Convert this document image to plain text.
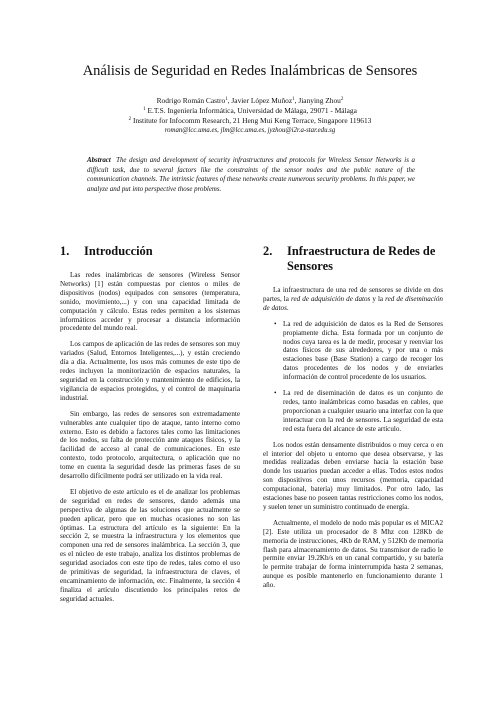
Análisis de Seguridad en Redes Inalámbricas de Sensores
Rodrigo Román Castro$^1$, Javier López Muñoz$^1$, Jianying Zhou$^2$
$^1$ E.T.S. Ingeniería Informática, Universidad de Málaga, 29071 - Málaga
$^2$ Institute for Infocomm Research, 21 Heng Mui Keng Terrace, Singapore 119613
roman@lcc.uma.es, jlm@lcc.uma.es, jyzhou@i2r.a-star.edu.sg

Abstract The design and development of security infrastructures and protocols for Wireless Sensor Networks is a difficult task, due to several factors like the constraints of the sensor nodes and the public nature of the communication channels. The intrinsic features of these networks create numerous security problems. In this paper, we analyze and put into perspective those problems.

1.	Introducción

Las redes inalámbricas de sensores (Wireless Sensor Networks) [1] están compuestas por cientos o miles de dispositivos (nodos) equipados con sensores (temperatura, sonido, movimiento,...) y con una capacidad limitada de computación y cálculo. Estas redes permiten a los sistemas informáticos acceder y procesar a distancia información procedente del mundo real.

Los campos de aplicación de las redes de sensores son muy variados (Salud, Entornos Inteligentes,...), y están creciendo día a día. Actualmente, los usos más comunes de este tipo de redes incluyen la monitorización de espacios naturales, la seguridad en la construcción y mantenimiento de edificios, la vigilancia de espacios protegidos, y el control de maquinaria industrial.

Sin embargo, las redes de sensores son extremadamente vulnerables ante cualquier tipo de ataque, tanto interno como externo. Esto es debido a factores tales como las limitaciones de los nodos, su falta de protección ante ataques físicos, y la facilidad de acceso al canal de comunicaciones. En este contexto, todo protocolo, arquitectura, o aplicación que no tome en cuenta la seguridad desde las primeras fases de su desarrollo difícilmente podrá ser utilizado en la vida real.

El objetivo de este artículo es el de analizar los problemas de seguridad en redes de sensores, dando además una perspectiva de algunas de las soluciones que actualmente se pueden aplicar, pero que en muchas ocasiones no son las óptimas. La estructura del artículo es la siguiente: En la sección 2, se muestra la infraestructura y los elementos que componen una red de sensores inalámbrica. La sección 3, que es el núcleo de este trabajo, analiza los distintos problemas de seguridad asociados con este tipo de redes, tales como el uso de primitivas de seguridad, la infraestructura de claves, el encaminamiento de información, etc. Finalmente, la sección 4 finaliza el artículo discutiendo los principales retos de seguridad actuales.

2.	Infraestructura de Redes de Sensores

La infraestructura de una red de sensores se divide en dos partes, la red de adquisición de datos y la red de diseminación de datos.

• La red de adquisición de datos es la Red de Sensores propiamente dicha. Esta formada por un conjunto de nodos cuya tarea es la de medir, procesar y reenviar los datos físicos de sus alrededores, y por una o más estaciones base (Base Station) a cargo de recoger los datos procedentes de los nodos y de enviarles información de control procedente de los usuarios.
• La red de diseminación de datos es un conjunto de redes, tanto inalámbricas como basadas en cables, que proporcionan a cualquier usuario una interfaz con la que interactuar con la red de sensores. La seguridad de esta red esta fuera del alcance de este artículo.

Los nodos están densamente distribuidos o muy cerca o en el interior del objeto u entorno que desea observarse, y las medidas realizadas deben enviarse hacia la estación base donde los usuarios puedan acceder a ellas. Todos estos nodos son dispositivos con unos recursos (memoria, capacidad computacional, batería) muy limitados. Por otro lado, las estaciones base no poseen tantas restricciones como los nodos, y suelen tener un suministro continuado de energía.

Actualmente, el modelo de nodo más popular es el MICA2 [2]. Este utiliza un procesador de 8 Mhz con 128Kb de memoria de instrucciones, 4Kb de RAM, y 512Kb de memoria flash para almacenamiento de datos. Su transmisor de radio le permite enviar 19.2Kb/s en un canal compartido, y su batería le permite trabajar de forma ininterrumpida hasta 2 semanas, aunque es posible mantenerlo en funcionamiento durante 1 año.
